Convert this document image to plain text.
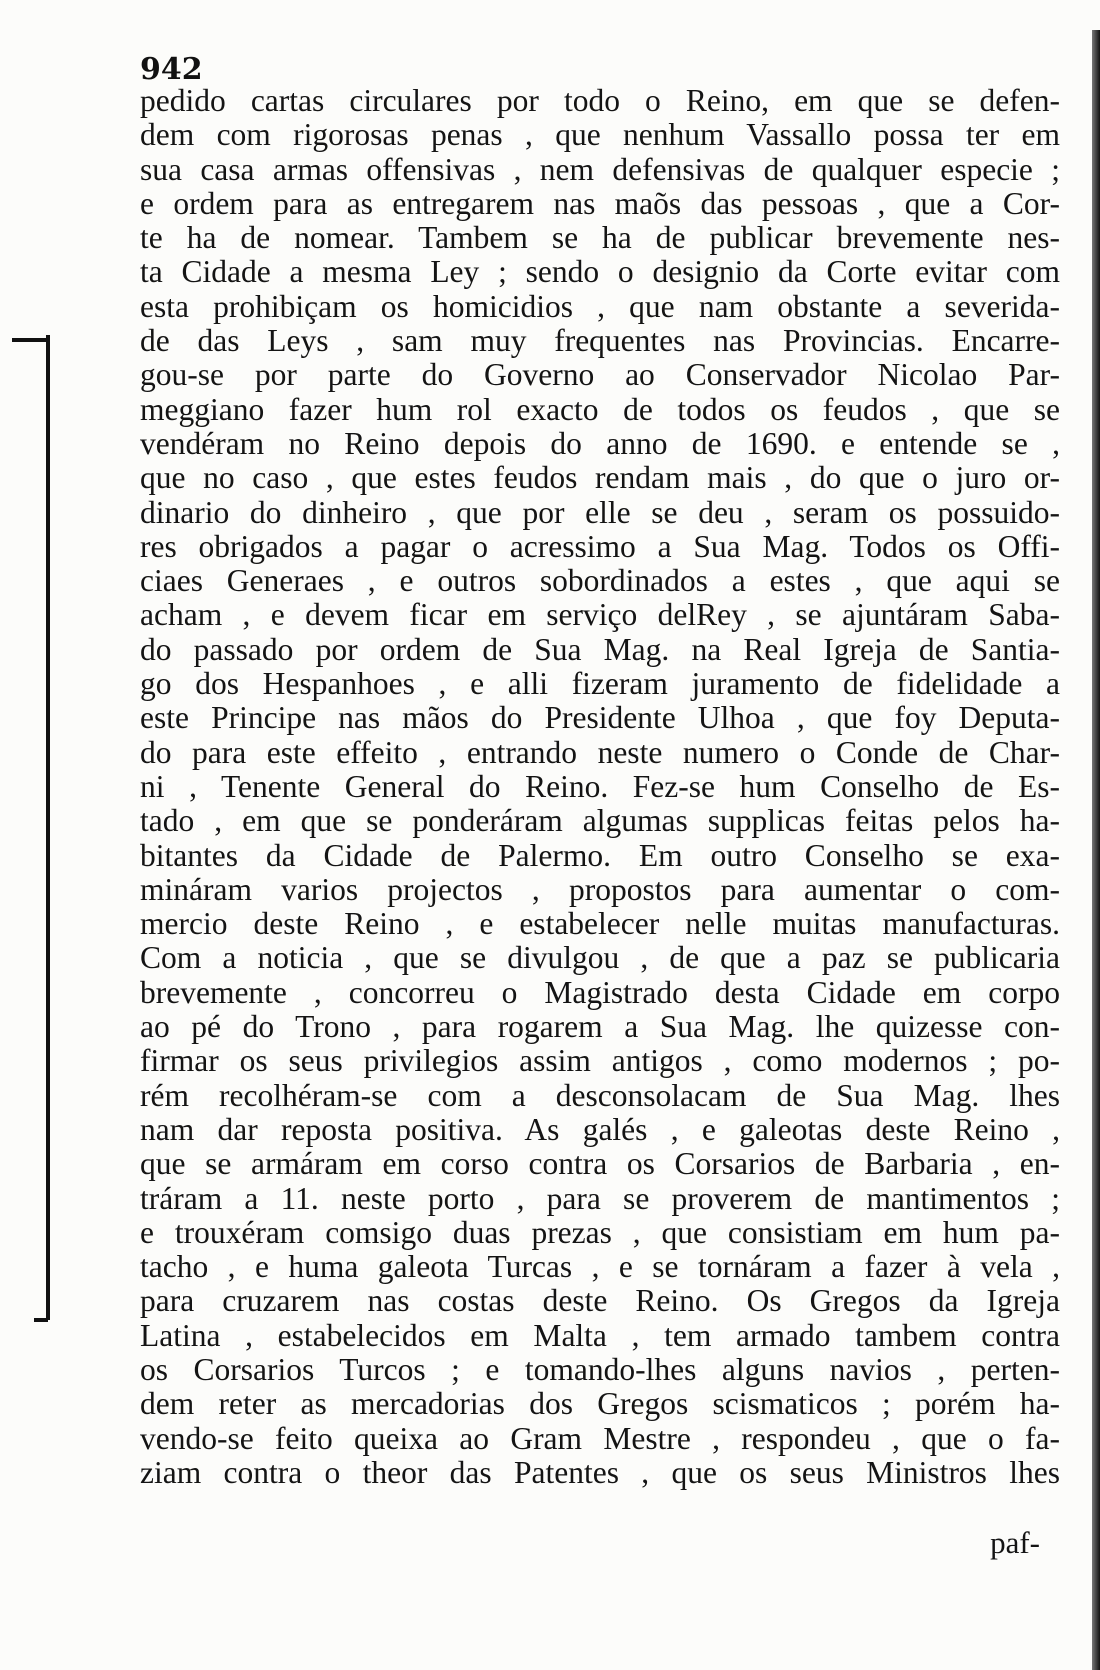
942
pedido cartas circulares por todo o Reino, em que se defen-
dem com rigorosas penas , que nenhum Vassallo possa ter em
sua casa armas offensivas , nem defensivas de qualquer especie ;
e ordem para as entregarem nas maõs das pessoas , que a Cor-
te ha de nomear. Tambem se ha de publicar brevemente nes-
ta Cidade a mesma Ley ; sendo o designio da Corte evitar com
esta prohibiçam os homicidios , que nam obstante a severida-
de das Leys , sam muy frequentes nas Provincias. Encarre-
gou-se por parte do Governo ao Conservador Nicolao Par-
meggiano fazer hum rol exacto de todos os feudos , que se
vendéram no Reino depois do anno de 1690. e entende se ,
que no caso , que estes feudos rendam mais , do que o juro or-
dinario do dinheiro , que por elle se deu , seram os possuido-
res obrigados a pagar o acressimo a Sua Mag. Todos os Offi-
ciaes Generaes , e outros sobordinados a estes , que aqui se
acham , e devem ficar em serviço delRey , se ajuntáram Saba-
do passado por ordem de Sua Mag. na Real Igreja de Santia-
go dos Hespanhoes , e alli fizeram juramento de fidelidade a
este Principe nas mãos do Presidente Ulhoa , que foy Deputa-
do para este effeito , entrando neste numero o Conde de Char-
ni , Tenente General do Reino. Fez-se hum Conselho de Es-
tado , em que se ponderáram algumas supplicas feitas pelos ha-
bitantes da Cidade de Palermo. Em outro Conselho se exa-
mináram varios projectos , propostos para aumentar o com-
mercio deste Reino , e estabelecer nelle muitas manufacturas.
Com a noticia , que se divulgou , de que a paz se publicaria
brevemente , concorreu o Magistrado desta Cidade em corpo
ao pé do Trono , para rogarem a Sua Mag. lhe quizesse con-
firmar os seus privilegios assim antigos , como modernos ; po-
rém recolhéram-se com a desconsolacam de Sua Mag. lhes
nam dar reposta positiva. As galés , e galeotas deste Reino ,
que se armáram em corso contra os Corsarios de Barbaria , en-
tráram a 11. neste porto , para se proverem de mantimentos ;
e trouxéram comsigo duas prezas , que consistiam em hum pa-
tacho , e huma galeota Turcas , e se tornáram a fazer à vela ,
para cruzarem nas costas deste Reino. Os Gregos da Igreja
Latina , estabelecidos em Malta , tem armado tambem contra
os Corsarios Turcos ; e tomando-lhes alguns navios , perten-
dem reter as mercadorias dos Gregos scismaticos ; porém ha-
vendo-se feito queixa ao Gram Mestre , respondeu , que o fa-
ziam contra o theor das Patentes , que os seus Ministros lhes
paf-
